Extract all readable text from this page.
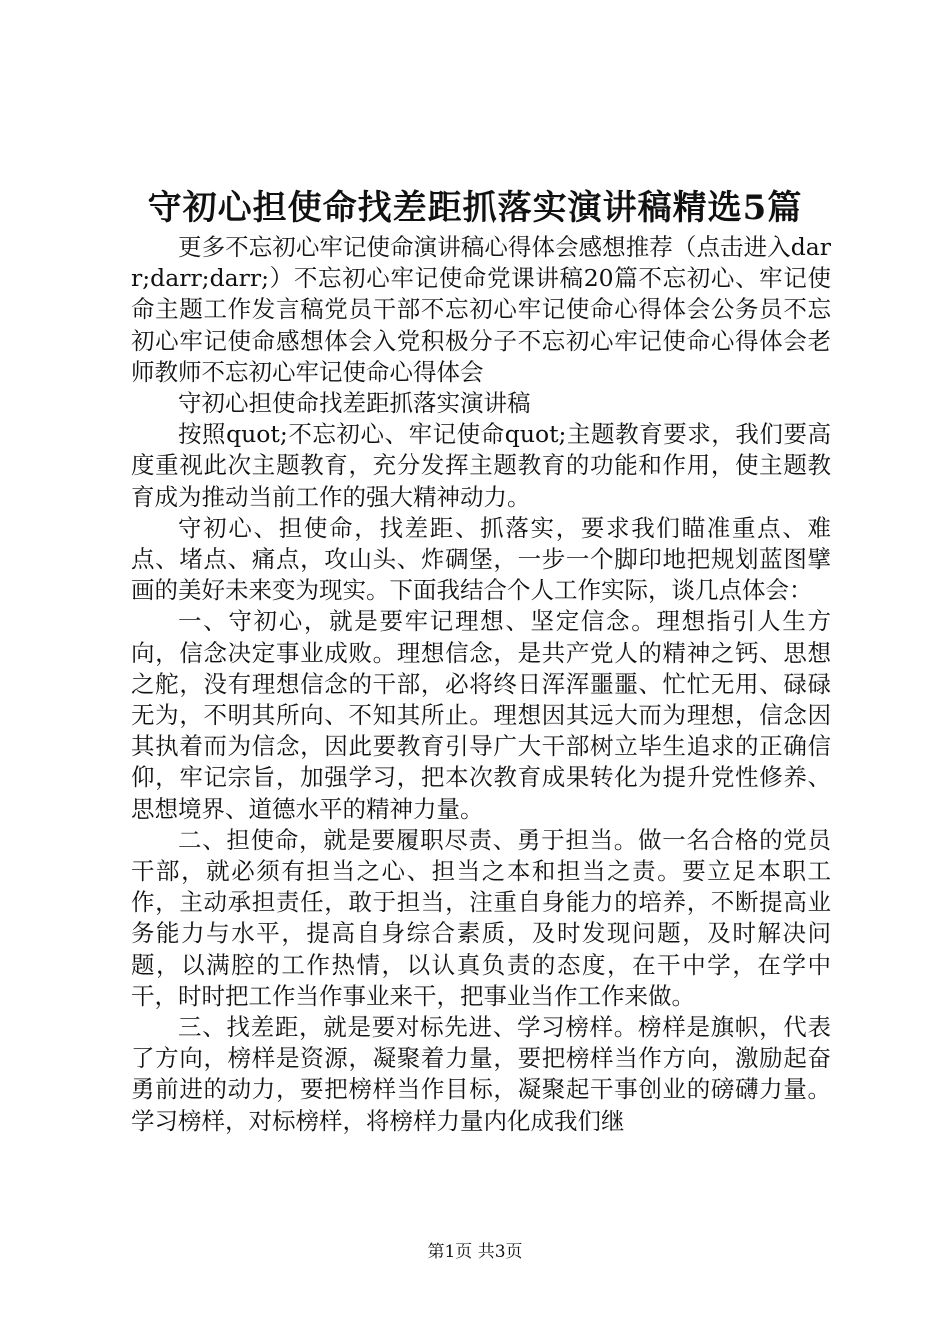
守初心担使命找差距抓落实演讲稿精选5篇

更多不忘初心牢记使命演讲稿心得体会感想推荐（点击进入darr;darr;darr;）不忘初心牢记使命党课讲稿20篇不忘初心、牢记使命主题工作发言稿党员干部不忘初心牢记使命心得体会公务员不忘初心牢记使命感想体会入党积极分子不忘初心牢记使命心得体会老师教师不忘初心牢记使命心得体会

守初心担使命找差距抓落实演讲稿

按照quot;不忘初心、牢记使命quot;主题教育要求，我们要高度重视此次主题教育，充分发挥主题教育的功能和作用，使主题教育成为推动当前工作的强大精神动力。

守初心、担使命，找差距、抓落实，要求我们瞄准重点、难点、堵点、痛点，攻山头、炸碉堡，一步一个脚印地把规划蓝图擘画的美好未来变为现实。下面我结合个人工作实际，谈几点体会：

一、守初心，就是要牢记理想、坚定信念。理想指引人生方向，信念决定事业成败。理想信念，是共产党人的精神之钙、思想之舵，没有理想信念的干部，必将终日浑浑噩噩、忙忙无用、碌碌无为，不明其所向、不知其所止。理想因其远大而为理想，信念因其执着而为信念，因此要教育引导广大干部树立毕生追求的正确信仰，牢记宗旨，加强学习，把本次教育成果转化为提升党性修养、思想境界、道德水平的精神力量。

二、担使命，就是要履职尽责、勇于担当。做一名合格的党员干部，就必须有担当之心、担当之本和担当之责。要立足本职工作，主动承担责任，敢于担当，注重自身能力的培养，不断提高业务能力与水平，提高自身综合素质，及时发现问题，及时解决问题，以满腔的工作热情，以认真负责的态度，在干中学，在学中干，时时把工作当作事业来干，把事业当作工作来做。

三、找差距，就是要对标先进、学习榜样。榜样是旗帜，代表了方向，榜样是资源，凝聚着力量，要把榜样当作方向，激励起奋勇前进的动力，要把榜样当作目标，凝聚起干事创业的磅礴力量。学习榜样，对标榜样，将榜样力量内化成我们继

第1页 共3页
